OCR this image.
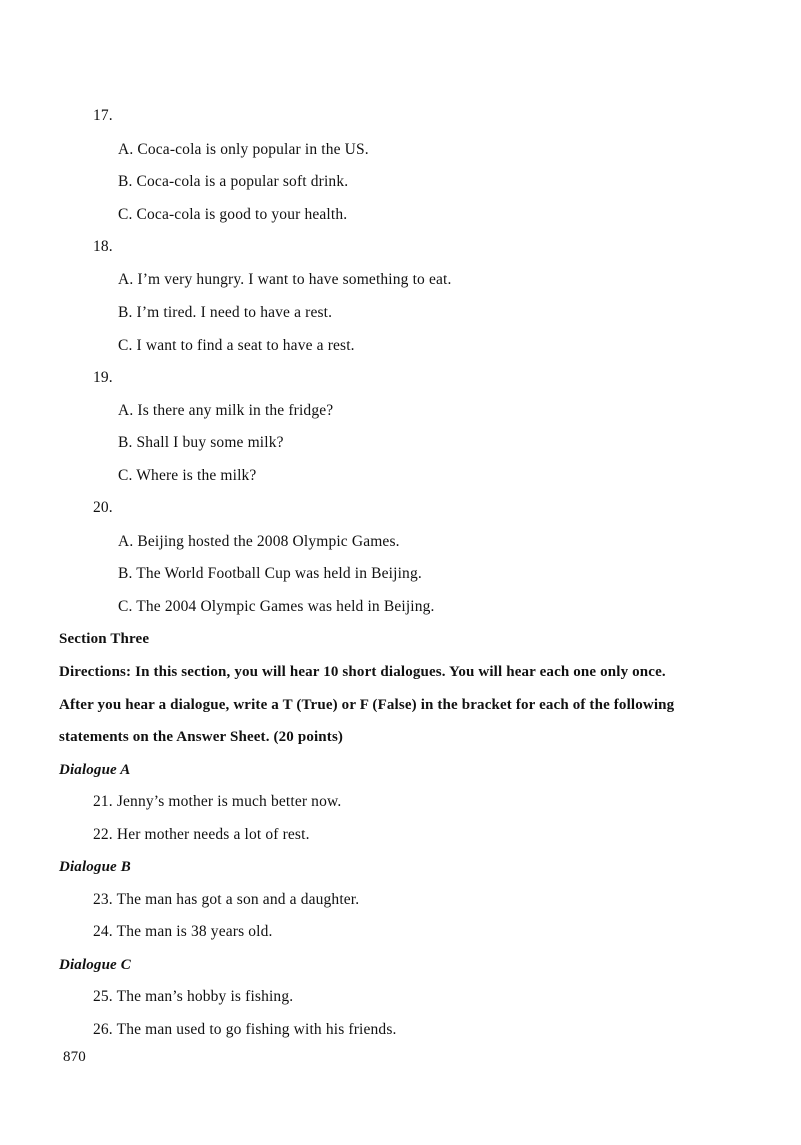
17.
A. Coca-cola is only popular in the US.
B. Coca-cola is a popular soft drink.
C. Coca-cola is good to your health.
18.
A. I’m very hungry. I want to have something to eat.
B. I’m tired. I need to have a rest.
C. I want to find a seat to have a rest.
19.
A. Is there any milk in the fridge?
B. Shall I buy some milk?
C. Where is the milk?
20.
A. Beijing hosted the 2008 Olympic Games.
B. The World Football Cup was held in Beijing.
C. The 2004 Olympic Games was held in Beijing.
Section Three
Directions: In this section, you will hear 10 short dialogues. You will hear each one only once.
After you hear a dialogue, write a T (True) or F (False) in the bracket for each of the following
statements on the Answer Sheet. (20 points)
Dialogue A
21. Jenny’s mother is much better now.
22. Her mother needs a lot of rest.
Dialogue B
23. The man has got a son and a daughter.
24. The man is 38 years old.
Dialogue C
25. The man’s hobby is fishing.
26. The man used to go fishing with his friends.
870
